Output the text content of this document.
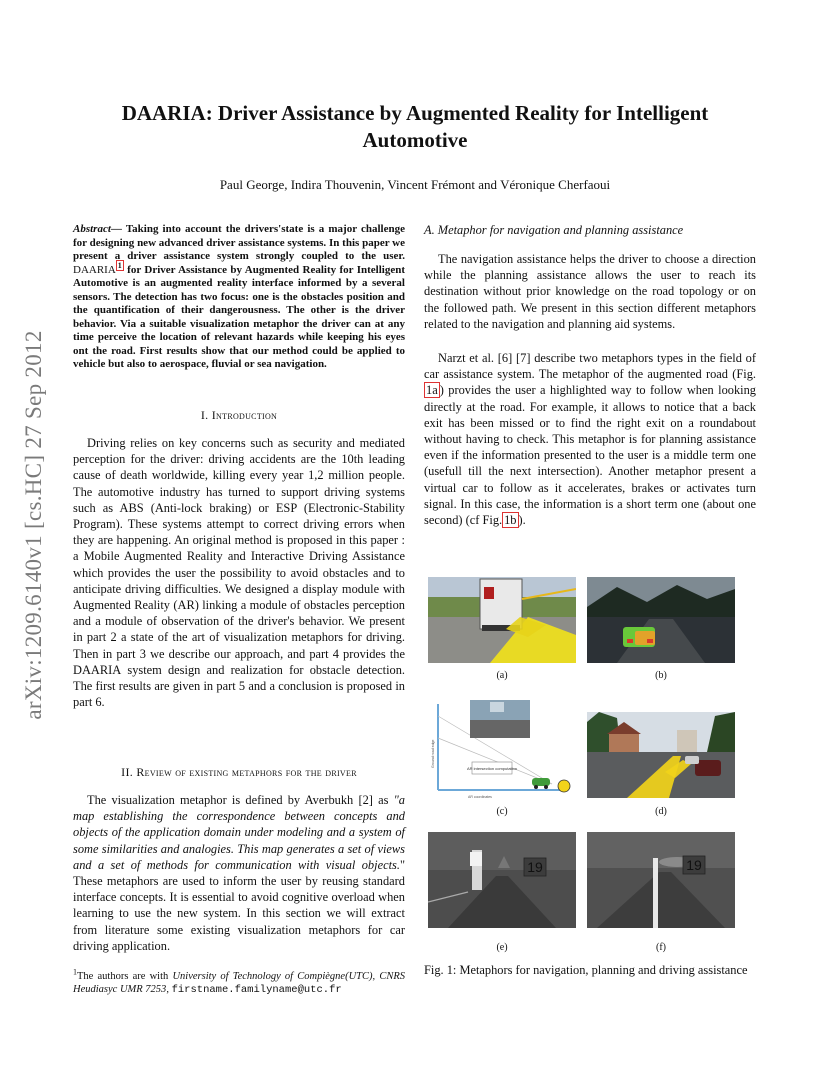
arXiv:1209.6140v1 [cs.HC] 27 Sep 2012
DAARIA: Driver Assistance by Augmented Reality for Intelligent Automotive
Paul George, Indira Thouvenin, Vincent Frémont and Véronique Cherfaoui
Abstract— Taking into account the drivers'state is a major challenge for designing new advanced driver assistance systems. In this paper we present a driver assistance system strongly coupled to the user. DAARIA $^1$ for Driver Assistance by Augmented Reality for Intelligent Automotive is an augmented reality interface informed by a several sensors. The detection has two focus: one is the obstacles position and the quantification of their dangerousness. The other is the driver behavior. Via a suitable visualization metaphor the driver can at any time perceive the location of relevant hazards while keeping his eyes ont the road. First results show that our method could be applied to vehicle but also to aerospace, fluvial or sea navigation.
I. Introduction

Driving relies on key concerns such as security and mediated perception for the driver: driving accidents are the 10th leading cause of death worldwide, killing every year 1,2 million people. The automotive industry has turned to support driving systems such as ABS (Anti-lock braking) or ESP (Electronic-Stability Program). These systems attempt to correct driving errors when they are happening. An original method is proposed in this paper : a Mobile Augmented Reality and Interactive Driving Assistance which provides the user the possibility to avoid obstacles and to anticipate driving difficulties. We designed a display module with Augmented Reality (AR) linking a module of obstacles perception and a module of observation of the driver's behavior. We present in part 2 a state of the art of visualization metaphors for driving. Then in part 3 we describe our approach, and part 4 provides the DAARIA system design and realization for obstacle detection. The first results are given in part 5 and a conclusion is proposed in part 6.

II. Review of existing metaphors for the driver

The visualization metaphor is defined by Averbukh [2] as "a map establishing the correspondence between concepts and objects of the application domain under modeling and a system of some similarities and analogies. This map generates a set of views and a set of methods for communication with visual objects." These metaphors are used to inform the user by reusing standard interface concepts. It is essential to avoid cognitive overload when learning to use the new system. In this section we will extract from literature some existing visualization metaphors for car driving application.

$^1$The authors are with University of Technology of Compiègne(UTC), CNRS Heudiasyc UMR 7253, firstname.familyname@utc.fr
A. Metaphor for navigation and planning assistance

The navigation assistance helps the driver to choose a direction while the planning assistance allows the user to reach its destination without prior knowledge on the road topology or on the followed path. We present in this section different metaphors related to the navigation and planning aid systems.

Narzt et al. [6] [7] describe two metaphors types in the field of car assistance system. The metaphor of the augmented road (Fig. 1a ) provides the user a highlighted way to follow when looking directly at the road. For example, it allows to notice that a back exit has been missed or to find the right exit on a roundabout without having to check. This metaphor is for planning assistance even if the information presented to the user is a middle term one (usefull till the next intersection). Another metaphor present a virtual car to follow as it accelerates, brakes or activates turn signal. In this case, the information is a short term one (about one second) (cf Fig. 1b ).

(a)	(b)
AR intersection computation
Ground road edge
AR coordinates
(c)	(d)
19
(e)
19
(f)
Fig. 1: Metaphors for navigation, planning and driving assistance
